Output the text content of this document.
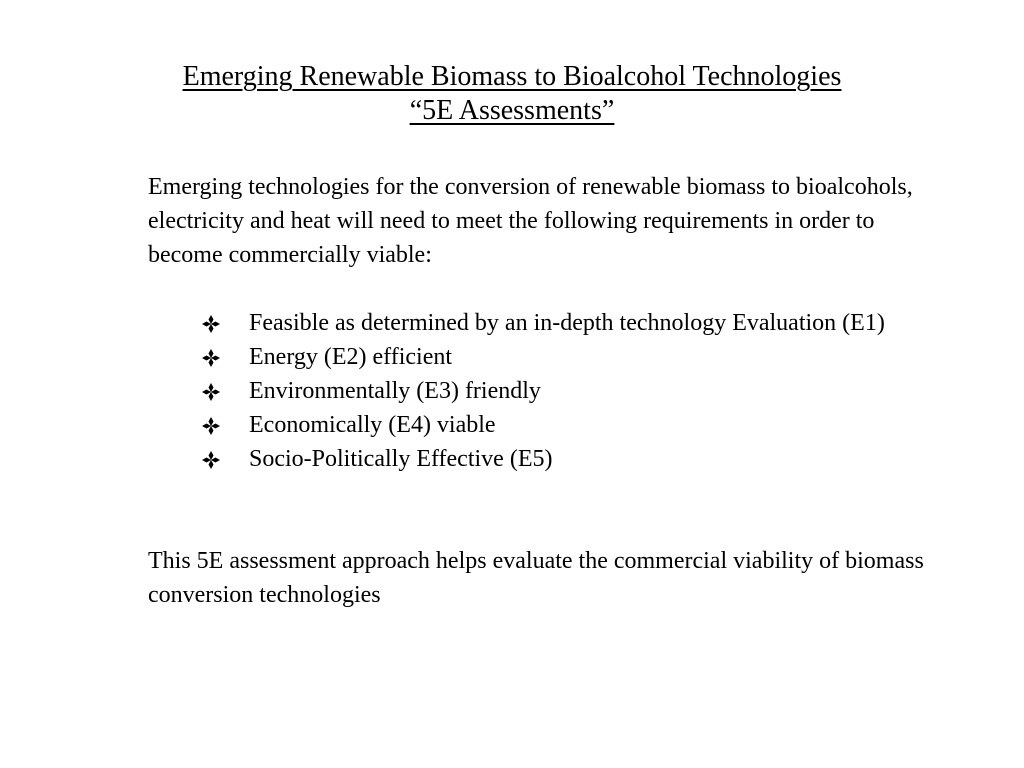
Emerging Renewable Biomass to Bioalcohol Technologies
“5E Assessments”

Emerging technologies for the conversion of renewable biomass to bioalcohols, electricity and heat will need to meet the following requirements in order to become commercially viable:

Feasible as determined by an in-depth technology Evaluation (E1)
Energy (E2) efficient
Environmentally (E3) friendly
Economically (E4) viable
Socio-Politically Effective (E5)

This 5E assessment approach helps evaluate the commercial viability of biomass conversion technologies
